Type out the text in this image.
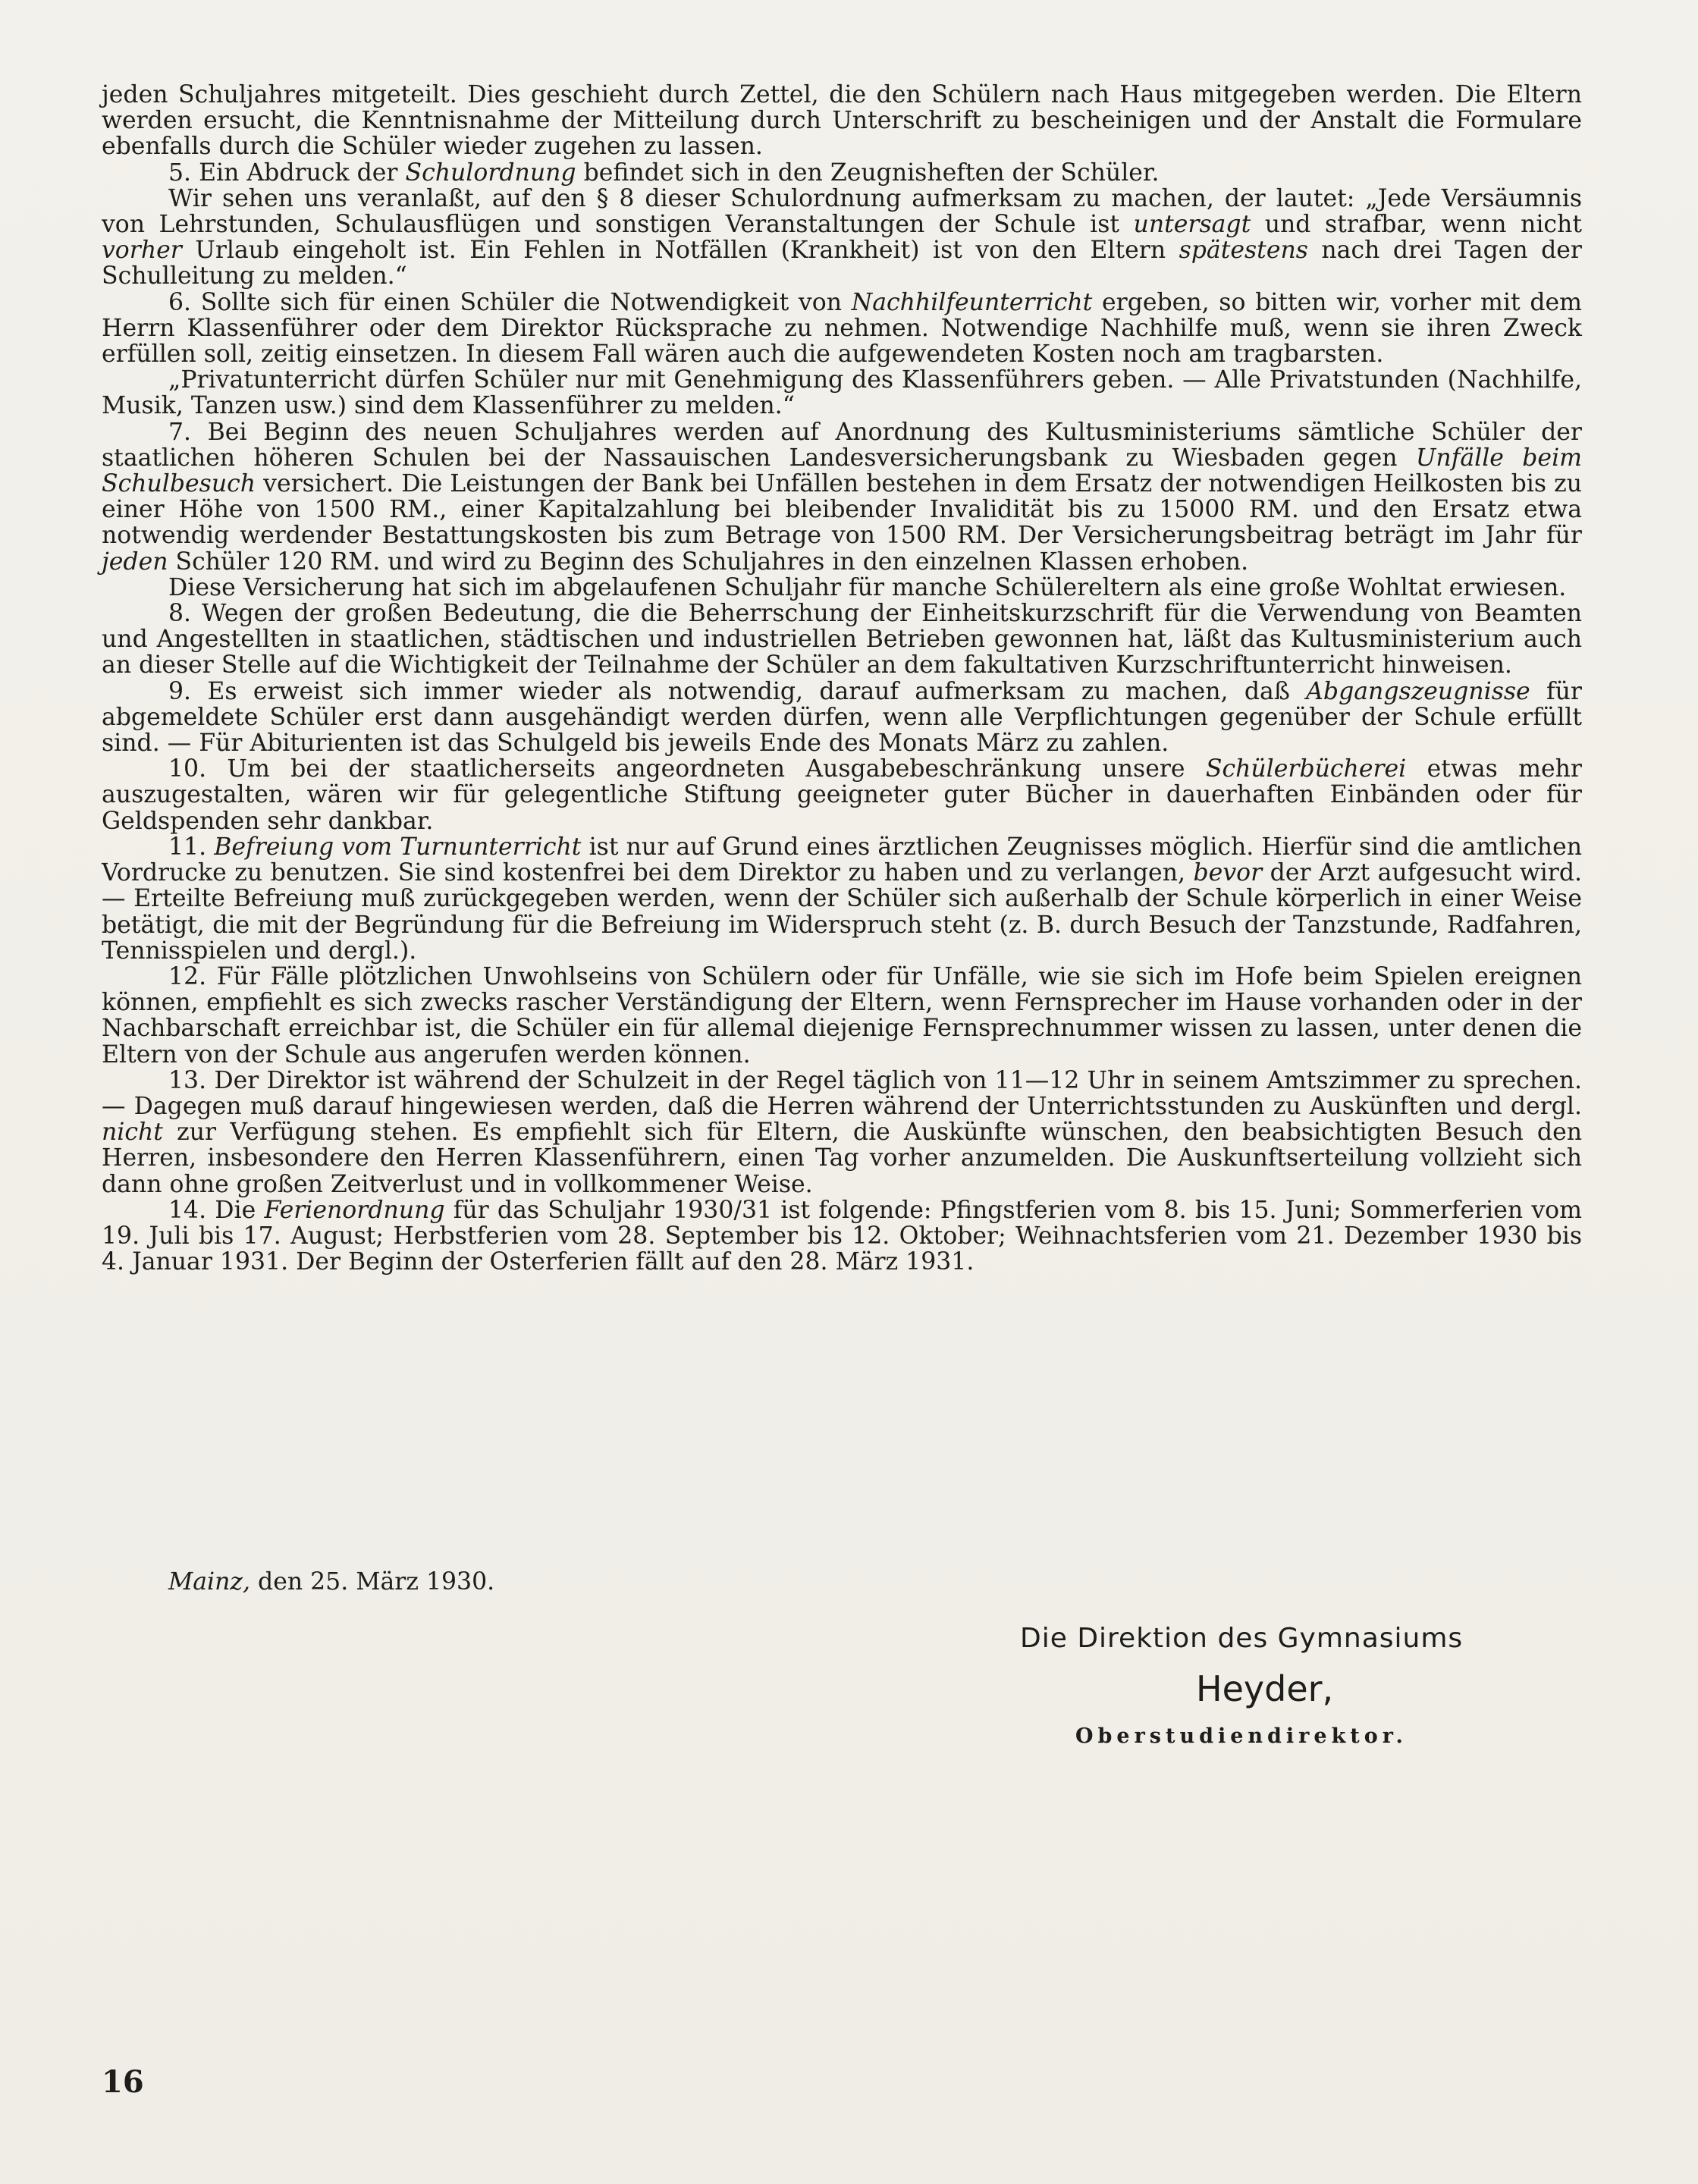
jeden Schuljahres mitgeteilt. Dies geschieht durch Zettel, die den Schülern nach Haus mitgegeben werden. Die Eltern werden ersucht, die Kenntnisnahme der Mitteilung durch Unterschrift zu bescheinigen und der Anstalt die Formulare ebenfalls durch die Schüler wieder zugehen zu lassen.

5. Ein Abdruck der Schulordnung befindet sich in den Zeugnisheften der Schüler.

Wir sehen uns veranlaßt, auf den § 8 dieser Schulordnung aufmerksam zu machen, der lautet: „Jede Versäumnis von Lehrstunden, Schulausflügen und sonstigen Veranstaltungen der Schule ist untersagt und strafbar, wenn nicht vorher Urlaub eingeholt ist. Ein Fehlen in Notfällen (Krankheit) ist von den Eltern spätestens nach drei Tagen der Schulleitung zu melden.“

6. Sollte sich für einen Schüler die Notwendigkeit von Nachhilfeunterricht ergeben, so bitten wir, vorher mit dem Herrn Klassenführer oder dem Direktor Rücksprache zu nehmen. Notwendige Nachhilfe muß, wenn sie ihren Zweck erfüllen soll, zeitig einsetzen. In diesem Fall wären auch die aufgewendeten Kosten noch am tragbarsten.

„Privatunterricht dürfen Schüler nur mit Genehmigung des Klassenführers geben. — Alle Privatstunden (Nachhilfe, Musik, Tanzen usw.) sind dem Klassenführer zu melden.“

7. Bei Beginn des neuen Schuljahres werden auf Anordnung des Kultusministeriums sämtliche Schüler der staatlichen höheren Schulen bei der Nassauischen Landesversicherungsbank zu Wiesbaden gegen Unfälle beim Schulbesuch versichert. Die Leistungen der Bank bei Unfällen bestehen in dem Ersatz der notwendigen Heilkosten bis zu einer Höhe von 1500 RM., einer Kapitalzahlung bei bleibender Invalidität bis zu 15000 RM. und den Ersatz etwa notwendig werdender Bestattungskosten bis zum Betrage von 1500 RM. Der Versicherungsbeitrag beträgt im Jahr für jeden Schüler 120 RM. und wird zu Beginn des Schuljahres in den einzelnen Klassen erhoben.

Diese Versicherung hat sich im abgelaufenen Schuljahr für manche Schülereltern als eine große Wohltat erwiesen.

8. Wegen der großen Bedeutung, die die Beherrschung der Einheitskurzschrift für die Verwendung von Beamten und Angestellten in staatlichen, städtischen und industriellen Betrieben gewonnen hat, läßt das Kultusministerium auch an dieser Stelle auf die Wichtigkeit der Teilnahme der Schüler an dem fakultativen Kurzschriftunterricht hinweisen.

9. Es erweist sich immer wieder als notwendig, darauf aufmerksam zu machen, daß Abgangszeugnisse für abgemeldete Schüler erst dann ausgehändigt werden dürfen, wenn alle Verpflichtungen gegenüber der Schule erfüllt sind. — Für Abiturienten ist das Schulgeld bis jeweils Ende des Monats März zu zahlen.

10. Um bei der staatlicherseits angeordneten Ausgabebeschränkung unsere Schülerbücherei etwas mehr auszugestalten, wären wir für gelegentliche Stiftung geeigneter guter Bücher in dauerhaften Einbänden oder für Geldspenden sehr dankbar.

11. Befreiung vom Turnunterricht ist nur auf Grund eines ärztlichen Zeugnisses möglich. Hierfür sind die amtlichen Vordrucke zu benutzen. Sie sind kostenfrei bei dem Direktor zu haben und zu verlangen, bevor der Arzt aufgesucht wird. — Erteilte Befreiung muß zurückgegeben werden, wenn der Schüler sich außerhalb der Schule körperlich in einer Weise betätigt, die mit der Begründung für die Befreiung im Widerspruch steht (z. B. durch Besuch der Tanzstunde, Radfahren, Tennisspielen und dergl.).

12. Für Fälle plötzlichen Unwohlseins von Schülern oder für Unfälle, wie sie sich im Hofe beim Spielen ereignen können, empfiehlt es sich zwecks rascher Verständigung der Eltern, wenn Fernsprecher im Hause vorhanden oder in der Nachbarschaft erreichbar ist, die Schüler ein für allemal diejenige Fernsprechnummer wissen zu lassen, unter denen die Eltern von der Schule aus angerufen werden können.

13. Der Direktor ist während der Schulzeit in der Regel täglich von 11—12 Uhr in seinem Amtszimmer zu sprechen. — Dagegen muß darauf hingewiesen werden, daß die Herren während der Unterrichtsstunden zu Auskünften und dergl. nicht zur Verfügung stehen. Es empfiehlt sich für Eltern, die Auskünfte wünschen, den beabsichtigten Besuch den Herren, insbesondere den Herren Klassenführern, einen Tag vorher anzumelden. Die Auskunftserteilung vollzieht sich dann ohne großen Zeitverlust und in vollkommener Weise.

14. Die Ferienordnung für das Schuljahr 1930/31 ist folgende: Pfingstferien vom 8. bis 15. Juni; Sommerferien vom 19. Juli bis 17. August; Herbstferien vom 28. September bis 12. Oktober; Weihnachtsferien vom 21. Dezember 1930 bis 4. Januar 1931. Der Beginn der Osterferien fällt auf den 28. März 1931.

Mainz, den 25. März 1930.
Die Direktion des Gymnasiums
Heyder,
Oberstudiendirektor.
16
